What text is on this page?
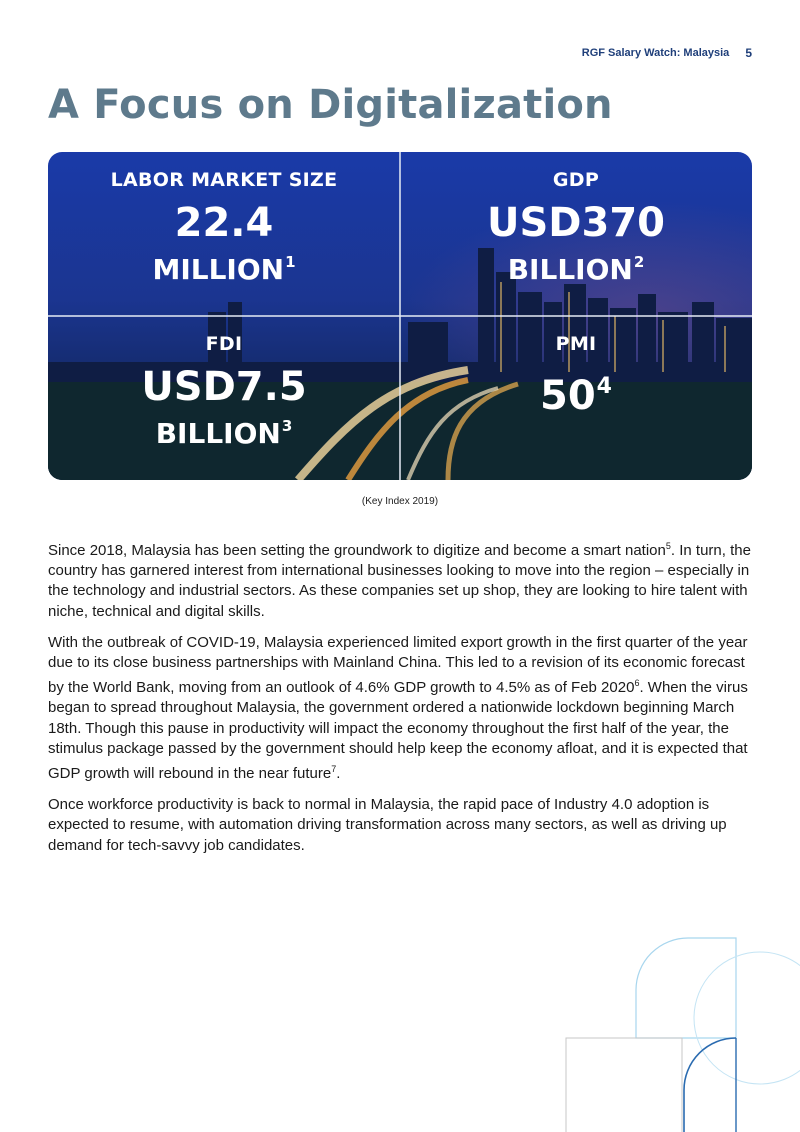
RGF Salary Watch: Malaysia 5
A Focus on Digitalization
LABOR MARKET SIZE
22.4
MILLION$^1$
GDP
USD370
BILLION$^2$
FDI
USD7.5
BILLION$^3$
PMI
$50^4$
(Key Index 2019)

Since 2018, Malaysia has been setting the groundwork to digitize and become a smart nation$^5$. In turn, the country has garnered interest from international businesses looking to move into the region – especially in the technology and industrial sectors. As these companies set up shop, they are looking to hire talent with niche, technical and digital skills.

With the outbreak of COVID-19, Malaysia experienced limited export growth in the first quarter of the year due to its close business partnerships with Mainland China. This led to a revision of its economic forecast by the World Bank, moving from an outlook of 4.6% GDP growth to 4.5% as of Feb 2020$^6$. When the virus began to spread throughout Malaysia, the government ordered a nationwide lockdown beginning March 18th. Though this pause in productivity will impact the economy throughout the first half of the year, the stimulus package passed by the government should help keep the economy afloat, and it is expected that GDP growth will rebound in the near future$^7$.

Once workforce productivity is back to normal in Malaysia, the rapid pace of Industry 4.0 adoption is expected to resume, with automation driving transformation across many sectors, as well as driving up demand for tech-savvy job candidates.
